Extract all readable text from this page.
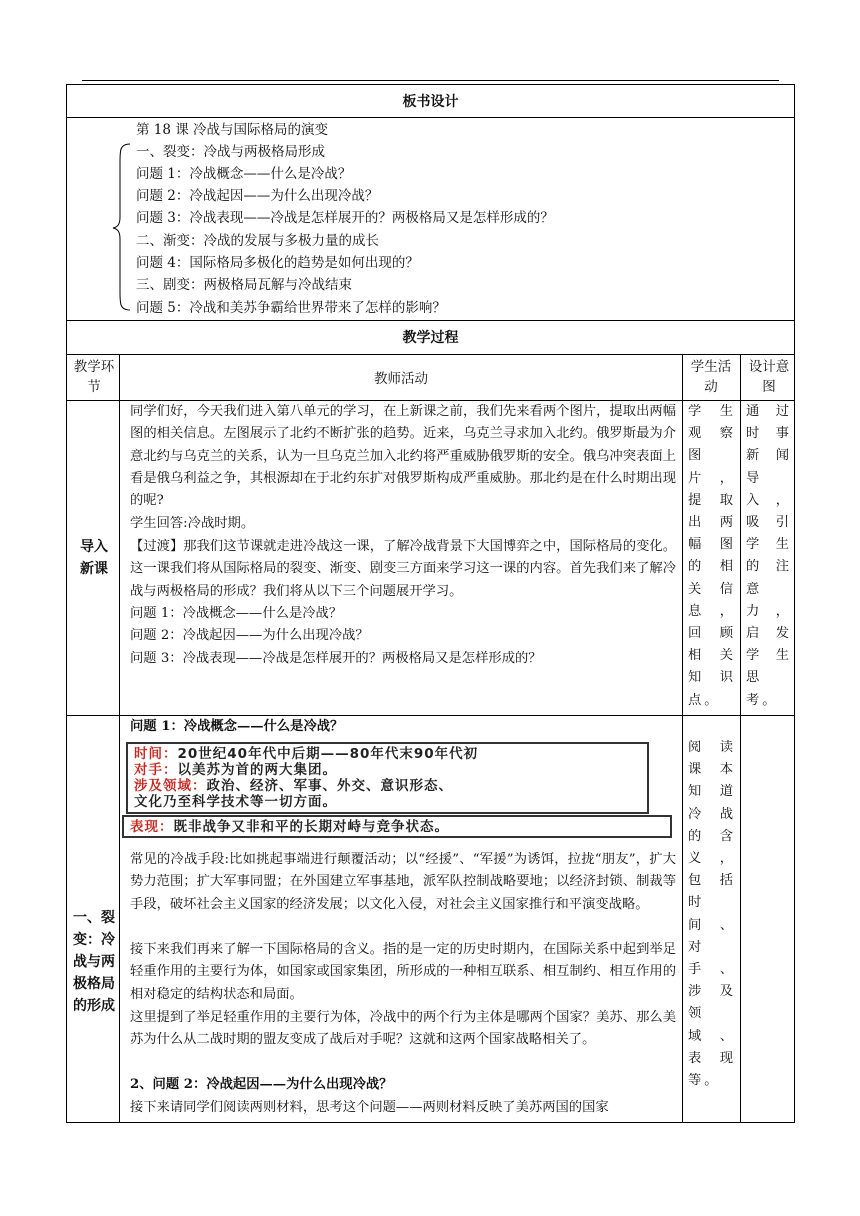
板书设计
第 18 课 冷战与国际格局的演变
一、裂变：冷战与两极格局形成
问题 1：冷战概念——什么是冷战？
问题 2：冷战起因——为什么出现冷战？
问题 3：冷战表现——冷战是怎样展开的？两极格局又是怎样形成的？
二、渐变：冷战的发展与多极力量的成长
问题 4：国际格局多极化的趋势是如何出现的？
三、剧变：两极格局瓦解与冷战结束
问题 5：冷战和美苏争霸给世界带来了怎样的影响？
教学过程
教学环节	教师活动
学生活动
设计意图
导入新课
同学们好，今天我们进入第八单元的学习，在上新课之前，我们先来看两个图片，提取出两幅图的相关信息。左图展示了北约不断扩张的趋势。近来，乌克兰寻求加入北约。俄罗斯最为介意北约与乌克兰的关系，认为一旦乌克兰加入北约将严重威胁俄罗斯的安全。俄乌冲突表面上看是俄乌利益之争，其根源却在于北约东扩对俄罗斯构成严重威胁。那北约是在什么时期出现的呢?
学生回答:冷战时期。
【过渡】那我们这节课就走进冷战这一课，了解冷战背景下大国博弈之中，国际格局的变化。这一课我们将从国际格局的裂变、渐变、剧变三方面来学习这一课的内容。首先我们来了解冷战与两极格局的形成？我们将从以下三个问题展开学习。
问题 1：冷战概念——什么是冷战？
问题 2：冷战起因——为什么出现冷战？
问题 3：冷战表现——冷战是怎样展开的？两极格局又是怎样形成的？
学生观察图片，提取出两幅图的相关信息，回顾相关知识点。
通过时事新闻导入，吸引学生的注意力，启发学生思考。
一、裂变：冷战与两极格局的形成
问题 1：冷战概念——什么是冷战？
时间：20世纪40年代中后期——80年代末90年代初
对手：以美苏为首的两大集团。
涉及领域：政治、经济、军事、外交、意识形态、
文化乃至科学技术等一切方面。
表现：既非战争又非和平的长期对峙与竞争状态。
常见的冷战手段:比如挑起事端进行颠覆活动；以“经援”、“军援”为诱饵，拉拢“朋友”，扩大势力范围；扩大军事同盟；在外国建立军事基地，派军队控制战略要地；以经济封锁、制裁等手段，破坏社会主义国家的经济发展；以文化入侵，对社会主义国家推行和平演变战略。
接下来我们再来了解一下国际格局的含义。指的是一定的历史时期内，在国际关系中起到举足轻重作用的主要行为体，如国家或国家集团，所形成的一种相互联系、相互制约、相互作用的相对稳定的结构状态和局面。
这里提到了举足轻重作用的主要行为体，冷战中的两个行为主体是哪两个国家？美苏、那么美苏为什么从二战时期的盟友变成了战后对手呢？这就和这两个国家战略相关了。
2、问题 2：冷战起因——为什么出现冷战？
接下来请同学们阅读两则材料，思考这个问题——两则材料反映了美苏两国的国家
阅读课本知道冷战的含义，包括时间、对手、涉及领域、表现等。
